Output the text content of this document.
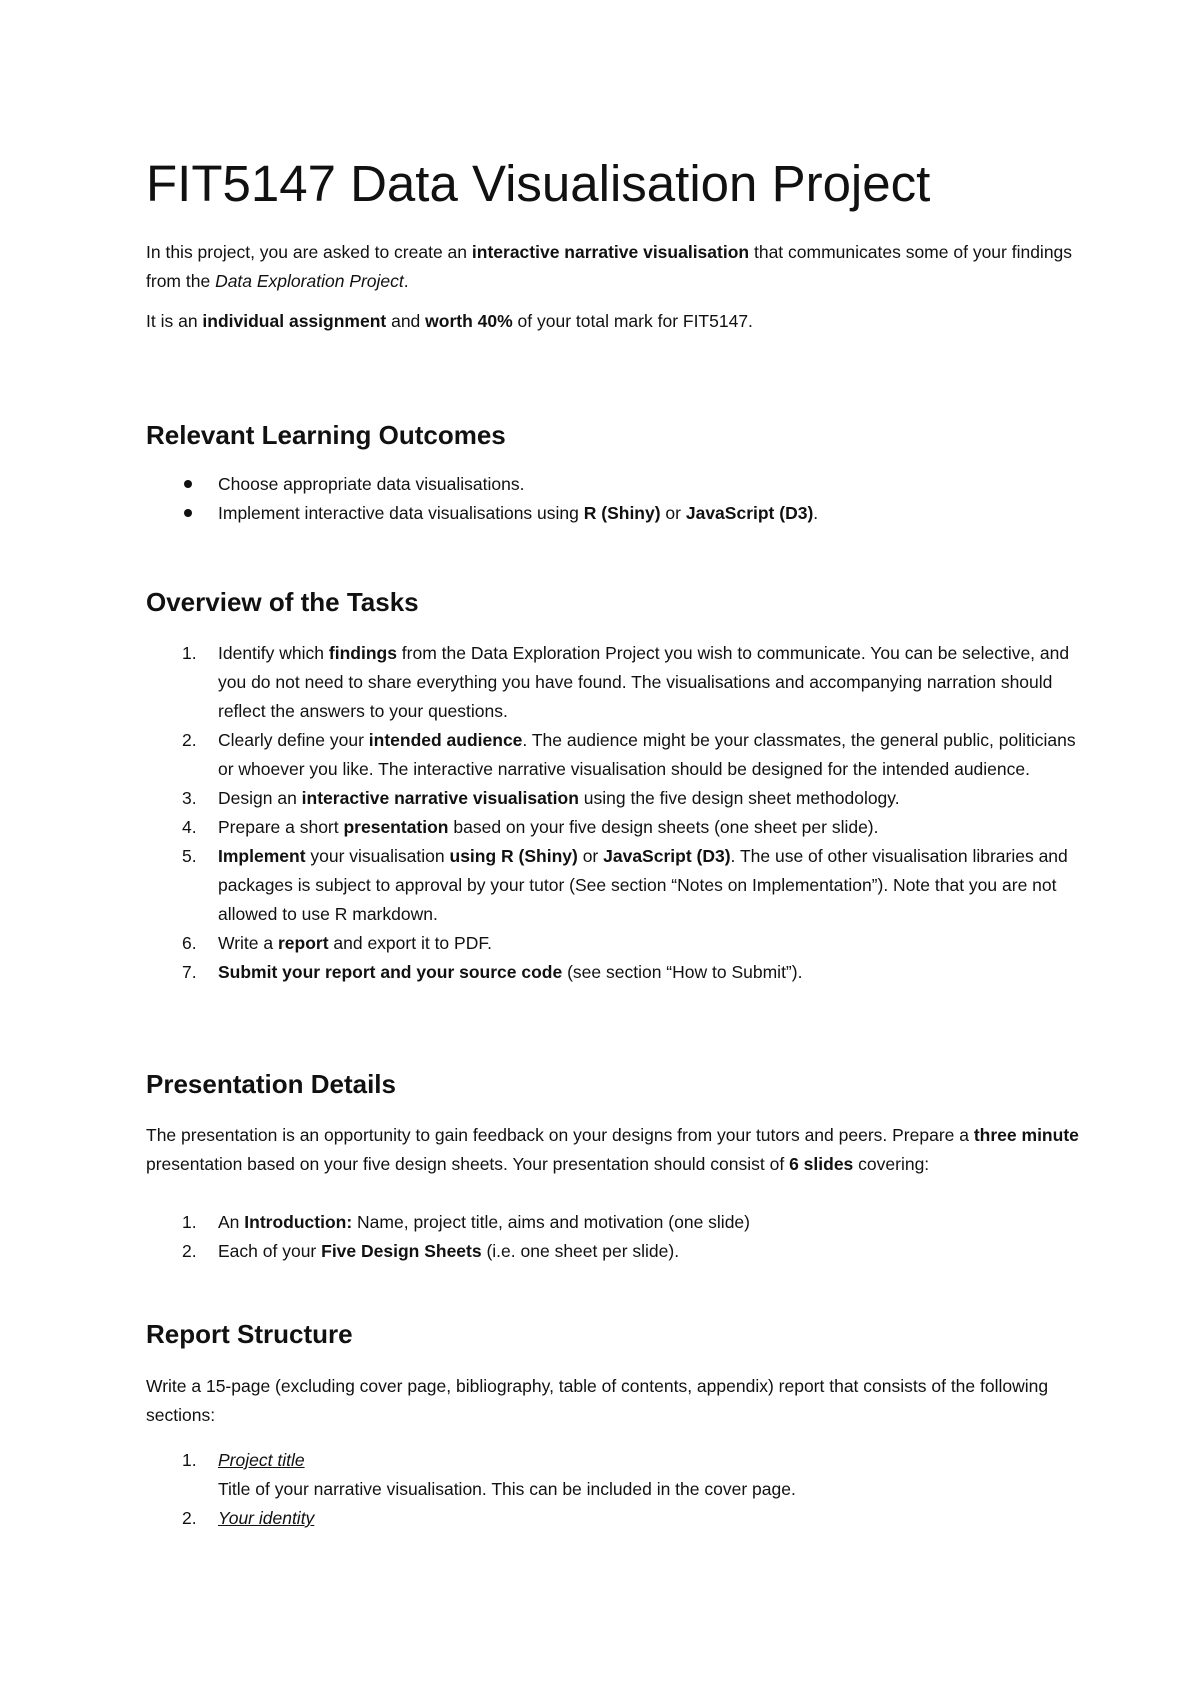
FIT5147 Data Visualisation Project

In this project, you are asked to create an interactive narrative visualisation that communicates some of your findings from the Data Exploration Project.

It is an individual assignment and worth 40% of your total mark for FIT5147.

Relevant Learning Outcomes
Choose appropriate data visualisations.
Implement interactive data visualisations using R (Shiny) or JavaScript (D3).
Overview of the Tasks
1. Identify which findings from the Data Exploration Project you wish to communicate. You can be selective, and you do not need to share everything you have found. The visualisations and accompanying narration should reflect the answers to your questions.
2. Clearly define your intended audience. The audience might be your classmates, the general public, politicians or whoever you like. The interactive narrative visualisation should be designed for the intended audience.
3. Design an interactive narrative visualisation using the five design sheet methodology.
4. Prepare a short presentation based on your five design sheets (one sheet per slide).
5. Implement your visualisation using R (Shiny) or JavaScript (D3). The use of other visualisation libraries and packages is subject to approval by your tutor (See section “Notes on Implementation”). Note that you are not allowed to use R markdown.
6. Write a report and export it to PDF.
7. Submit your report and your source code (see section “How to Submit”).
Presentation Details

The presentation is an opportunity to gain feedback on your designs from your tutors and peers. Prepare a three minute presentation based on your five design sheets. Your presentation should consist of 6 slides covering:

1. An Introduction: Name, project title, aims and motivation (one slide)
2. Each of your Five Design Sheets (i.e. one sheet per slide).
Report Structure

Write a 15-page (excluding cover page, bibliography, table of contents, appendix) report that consists of the following sections:

1. Project title
Title of your narrative visualisation. This can be included in the cover page.
2. Your identity
